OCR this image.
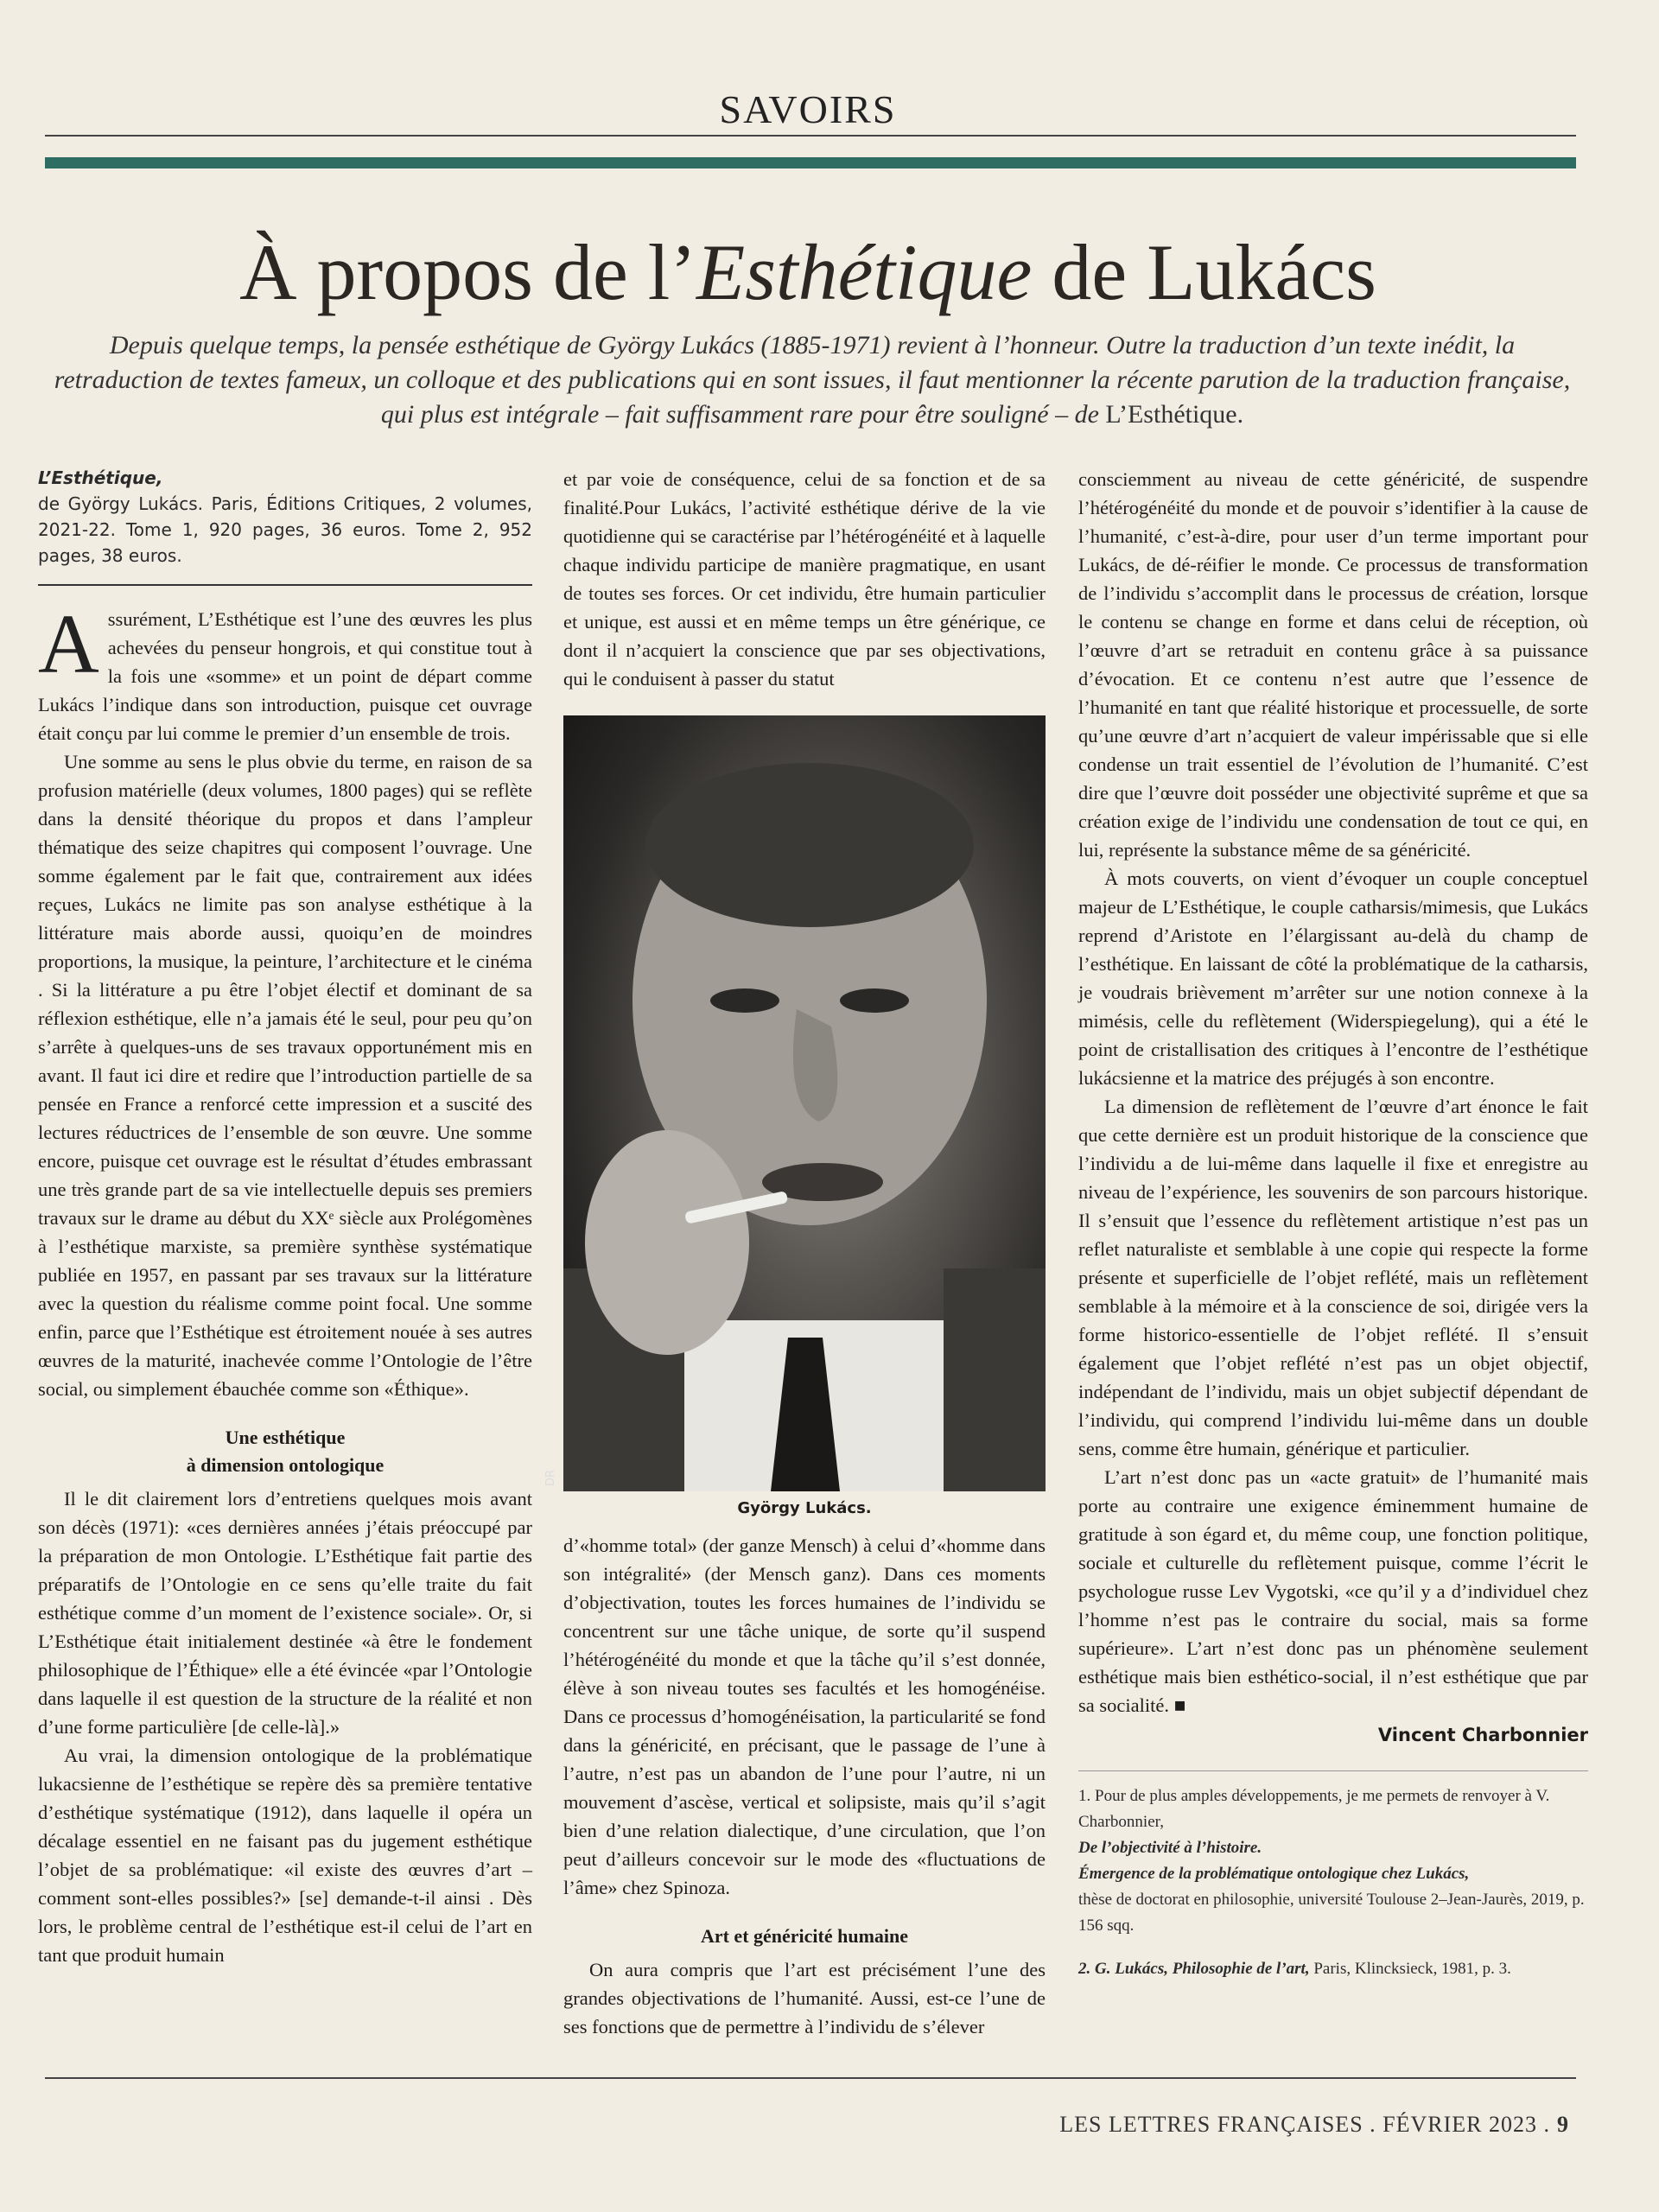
SAVOIRS
À propos de l’Esthétique de Lukács
Depuis quelque temps, la pensée esthétique de György Lukács (1885-1971) revient à l’honneur. Outre la traduction d’un texte inédit, la retraduction de textes fameux, un colloque et des publications qui en sont issues, il faut mentionner la récente parution de la traduction française, qui plus est intégrale – fait suffisamment rare pour être souligné – de L’Esthétique.
L’Esthétique,
de György Lukács. Paris, Éditions Critiques, 2 volumes, 2021-22. Tome 1, 920 pages, 36 euros. Tome 2, 952 pages, 38 euros.

Assurément, L’Esthétique est l’une des œuvres les plus achevées du penseur hongrois, et qui constitue tout à la fois une «somme» et un point de départ comme Lukács l’indique dans son introduction, puisque cet ouvrage était conçu par lui comme le premier d’un ensemble de trois.

Une somme au sens le plus obvie du terme, en raison de sa profusion matérielle (deux volumes, 1800 pages) qui se reflète dans la densité théorique du propos et dans l’ampleur thématique des seize chapitres qui composent l’ouvrage. Une somme également par le fait que, contrairement aux idées reçues, Lukács ne limite pas son analyse esthétique à la littérature mais aborde aussi, quoiqu’en de moindres proportions, la musique, la peinture, l’architecture et le cinéma . Si la littérature a pu être l’objet électif et dominant de sa réflexion esthétique, elle n’a jamais été le seul, pour peu qu’on s’arrête à quelques-uns de ses travaux opportunément mis en avant. Il faut ici dire et redire que l’introduction partielle de sa pensée en France a renforcé cette impression et a suscité des lectures réductrices de l’ensemble de son œuvre. Une somme encore, puisque cet ouvrage est le résultat d’études embrassant une très grande part de sa vie intellectuelle depuis ses premiers travaux sur le drame au début du XXᵉ siècle aux Prolégomènes à l’esthétique marxiste, sa première synthèse systématique publiée en 1957, en passant par ses travaux sur la littérature avec la question du réalisme comme point focal. Une somme enfin, parce que l’Esthétique est étroitement nouée à ses autres œuvres de la maturité, inachevée comme l’Ontologie de l’être social, ou simplement ébauchée comme son «Éthique».

Une esthétique
à dimension ontologique

Il le dit clairement lors d’entretiens quelques mois avant son décès (1971): «ces dernières années j’étais préoccupé par la préparation de mon Ontologie. L’Esthétique fait partie des préparatifs de l’Ontologie en ce sens qu’elle traite du fait esthétique comme d’un moment de l’existence sociale». Or, si L’Esthétique était initialement destinée «à être le fondement philosophique de l’Éthique» elle a été évincée «par l’Ontologie dans laquelle il est question de la structure de la réalité et non d’une forme particulière [de celle-là].»

Au vrai, la dimension ontologique de la problématique lukacsienne de l’esthétique se repère dès sa première tentative d’esthétique systématique (1912), dans laquelle il opéra un décalage essentiel en ne faisant pas du jugement esthétique l’objet de sa problématique: «il existe des œuvres d’art – comment sont-elles possibles?» [se] demande-t-il ainsi . Dès lors, le problème central de l’esthétique est-il celui de l’art en tant que produit humain

et par voie de conséquence, celui de sa fonction et de sa finalité.Pour Lukács, l’activité esthétique dérive de la vie quotidienne qui se caractérise par l’hétérogénéité et à laquelle chaque individu participe de manière pragmatique, en usant de toutes ses forces. Or cet individu, être humain particulier et unique, est aussi et en même temps un être générique, ce dont il n’acquiert la conscience que par ses objectivations, qui le conduisent à passer du statut

DR
György Lukács.

d’«homme total» (der ganze Mensch) à celui d’«homme dans son intégralité» (der Mensch ganz). Dans ces moments d’objectivation, toutes les forces humaines de l’individu se concentrent sur une tâche unique, de sorte qu’il suspend l’hétérogénéité du monde et que la tâche qu’il s’est donnée, élève à son niveau toutes ses facultés et les homogénéise. Dans ce processus d’homogénéisation, la particularité se fond dans la généricité, en précisant, que le passage de l’une à l’autre, n’est pas un abandon de l’une pour l’autre, ni un mouvement d’ascèse, vertical et solipsiste, mais qu’il s’agit bien d’une relation dialectique, d’une circulation, que l’on peut d’ailleurs concevoir sur le mode des «fluctuations de l’âme» chez Spinoza.

Art et généricité humaine

On aura compris que l’art est précisément l’une des grandes objectivations de l’humanité. Aussi, est-ce l’une de ses fonctions que de permettre à l’individu de s’élever

consciemment au niveau de cette généricité, de suspendre l’hétérogénéité du monde et de pouvoir s’identifier à la cause de l’humanité, c’est-à-dire, pour user d’un terme important pour Lukács, de dé-réifier le monde. Ce processus de transformation de l’individu s’accomplit dans le processus de création, lorsque le contenu se change en forme et dans celui de réception, où l’œuvre d’art se retraduit en contenu grâce à sa puissance d’évocation. Et ce contenu n’est autre que l’essence de l’humanité en tant que réalité historique et processuelle, de sorte qu’une œuvre d’art n’acquiert de valeur impérissable que si elle condense un trait essentiel de l’évolution de l’humanité. C’est dire que l’œuvre doit posséder une objectivité suprême et que sa création exige de l’individu une condensation de tout ce qui, en lui, représente la substance même de sa généricité.

À mots couverts, on vient d’évoquer un couple conceptuel majeur de L’Esthétique, le couple catharsis/mimesis, que Lukács reprend d’Aristote en l’élargissant au-delà du champ de l’esthétique. En laissant de côté la problématique de la catharsis, je voudrais brièvement m’arrêter sur une notion connexe à la mimésis, celle du reflètement (Widerspiegelung), qui a été le point de cristallisation des critiques à l’encontre de l’esthétique lukácsienne et la matrice des préjugés à son encontre.

La dimension de reflètement de l’œuvre d’art énonce le fait que cette dernière est un produit historique de la conscience que l’individu a de lui-même dans laquelle il fixe et enregistre au niveau de l’expérience, les souvenirs de son parcours historique. Il s’ensuit que l’essence du reflètement artistique n’est pas un reflet naturaliste et semblable à une copie qui respecte la forme présente et superficielle de l’objet reflété, mais un reflètement semblable à la mémoire et à la conscience de soi, dirigée vers la forme historico-essentielle de l’objet reflété. Il s’ensuit également que l’objet reflété n’est pas un objet objectif, indépendant de l’individu, mais un objet subjectif dépendant de l’individu, qui comprend l’individu lui-même dans un double sens, comme être humain, générique et particulier.

L’art n’est donc pas un «acte gratuit» de l’humanité mais porte au contraire une exigence éminemment humaine de gratitude à son égard et, du même coup, une fonction politique, sociale et culturelle du reflètement puisque, comme l’écrit le psychologue russe Lev Vygotski, «ce qu’il y a d’individuel chez l’homme n’est pas le contraire du social, mais sa forme supérieure». L’art n’est donc pas un phénomène seulement esthétique mais bien esthético-social, il n’est esthétique que par sa socialité. ■

Vincent Charbonnier
1. Pour de plus amples développements, je me permets de renvoyer à V. Charbonnier,
De l’objectivité à l’histoire.
Émergence de la problématique ontologique chez Lukács,
thèse de doctorat en philosophie, université Toulouse 2–Jean-Jaurès, 2019, p. 156 sqq.
2. G. Lukács, Philosophie de l’art, Paris, Klincksieck, 1981, p. 3.
LES LETTRES FRANÇAISES . FÉVRIER 2023 . 9
